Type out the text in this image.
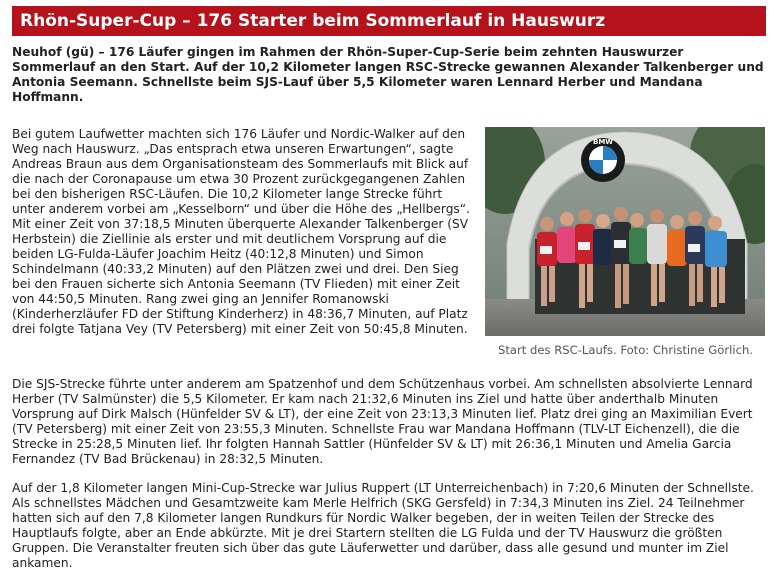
Rhön-Super-Cup – 176 Starter beim Sommerlauf in Hauswurz
Neuhof (gü) – 176 Läufer gingen im Rahmen der Rhön-Super-Cup-Serie beim zehnten Hauswurzer Sommerlauf an den Start. Auf der 10,2 Kilometer langen RSC-Strecke gewannen Alexander Talkenberger und Antonia Seemann. Schnellste beim SJS-Lauf über 5,5 Kilometer waren Lennard Herber und Mandana Hoffmann.
BMW
Start des RSC-Laufs. Foto: Christine Görlich.

Bei gutem Laufwetter machten sich 176 Läufer und Nordic-Walker auf den Weg nach Hauswurz. „Das entsprach etwa unseren Erwartungen“, sagte Andreas Braun aus dem Organisationsteam des Sommerlaufs mit Blick auf die nach der Coronapause um etwa 30 Prozent zurückgegangenen Zahlen bei den bisherigen RSC-Läufen. Die 10,2 Kilometer lange Strecke führt unter anderem vorbei am „Kesselborn“ und über die Höhe des „Hellbergs“. Mit einer Zeit von 37:18,5 Minuten überquerte Alexander Talkenberger (SV Herbstein) die Ziellinie als erster und mit deutlichem Vorsprung auf die beiden LG-Fulda-Läufer Joachim Heitz (40:12,8 Minuten) und Simon Schindelmann (40:33,2 Minuten) auf den Plätzen zwei und drei. Den Sieg bei den Frauen sicherte sich Antonia Seemann (TV Flieden) mit einer Zeit von 44:50,5 Minuten. Rang zwei ging an Jennifer Romanowski (Kinderherzläufer FD der Stiftung Kinderherz) in 48:36,7 Minuten, auf Platz drei folgte Tatjana Vey (TV Petersberg) mit einer Zeit von 50:45,8 Minuten.

Die SJS-Strecke führte unter anderem am Spatzenhof und dem Schützenhaus vorbei. Am schnellsten absolvierte Lennard Herber (TV Salmünster) die 5,5 Kilometer. Er kam nach 21:32,6 Minuten ins Ziel und hatte über anderthalb Minuten Vorsprung auf Dirk Malsch (Hünfelder SV & LT), der eine Zeit von 23:13,3 Minuten lief. Platz drei ging an Maximilian Evert (TV Petersberg) mit einer Zeit von 23:55,3 Minuten. Schnellste Frau war Mandana Hoffmann (TLV-LT Eichenzell), die die Strecke in 25:28,5 Minuten lief. Ihr folgten Hannah Sattler (Hünfelder SV & LT) mit 26:36,1 Minuten und Amelia Garcia Fernandez (TV Bad Brückenau) in 28:32,5 Minuten.

Auf der 1,8 Kilometer langen Mini-Cup-Strecke war Julius Ruppert (LT Unterreichenbach) in 7:20,6 Minuten der Schnellste. Als schnellstes Mädchen und Gesamtzweite kam Merle Helfrich (SKG Gersfeld) in 7:34,3 Minuten ins Ziel. 24 Teilnehmer hatten sich auf den 7,8 Kilometer langen Rundkurs für Nordic Walker begeben, der in weiten Teilen der Strecke des Hauptlaufs folgte, aber an Ende abkürzte. Mit je drei Startern stellten die LG Fulda und der TV Hauswurz die größten Gruppen. Die Veranstalter freuten sich über das gute Läuferwetter und darüber, dass alle gesund und munter im Ziel ankamen.
